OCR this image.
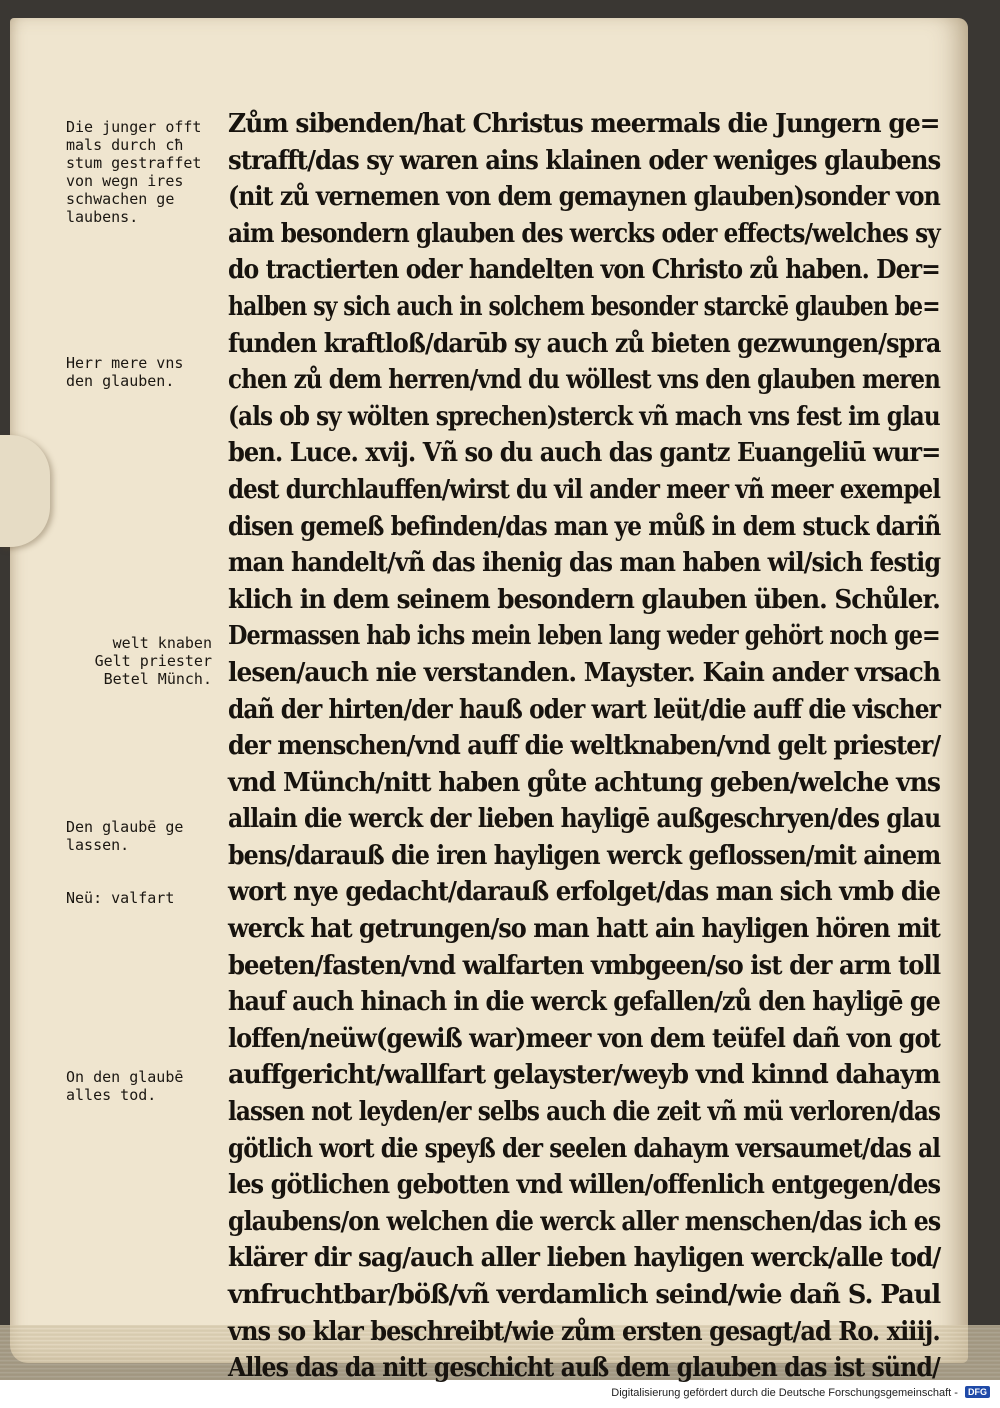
Die junger offt
mals durch cħ
stum gestraffet
von wegn ires
schwachen ge
laubens.
Herr mere vns
den glauben.
welt knaben
Gelt priester
Betel Münch.
Den glaubē ge
lassen.
Neü: valfart
On den glaubē
alles tod.
Zům sibenden/hat Christus meermals die Jungern ge=
strafft/das sy waren ains klainen oder weniges glaubens
(nit zů vernemen von dem gemaynen glauben)sonder von
aim besondern glauben des wercks oder effects/welches sy
do tractierten oder handelten von Christo zů haben. Der=
halben sy sich auch in solchem besonder starckē glauben be=
funden kraftloß/darūb sy auch zů bieten gezwungen/spra
chen zů dem herren/vnd du wöllest vns den glauben meren
(als ob sy wölten sprechen)sterck vñ mach vns fest im glau
ben. Luce. xvij. Vñ so du auch das gantz Euangeliū wur=
dest durchlauffen/wirst du vil ander meer vñ meer exempel
disen gemeß befinden/das man ye můß in dem stuck dariñ
man handelt/vñ das ihenig das man haben wil/sich festig
klich in dem seinem besondern glauben üben. Schůler.
Dermassen hab ichs mein leben lang weder gehört noch ge=
lesen/auch nie verstanden. Mayster. Kain ander vrsach
dañ der hirten/der hauß oder wart leüt/die auff die vischer
der menschen/vnd auff die weltknaben/vnd gelt priester/
vnd Münch/nitt haben gůte achtung geben/welche vns
allain die werck der lieben hayligē außgeschryen/des glau
bens/darauß die iren hayligen werck geflossen/mit ainem
wort nye gedacht/darauß erfolget/das man sich vmb die
werck hat getrungen/so man hatt ain hayligen hören mit
beeten/fasten/vnd walfarten vmbgeen/so ist der arm toll
hauf auch hinach in die werck gefallen/zů den hayligē ge
loffen/neüw(gewiß war)meer von dem teüfel dañ von got
auffgericht/wallfart gelayster/weyb vnd kinnd dahaym
lassen not leyden/er selbs auch die zeit vñ mü verloren/das
götlich wort die speyß der seelen dahaym versaumet/das al
les götlichen gebotten vnd willen/offenlich entgegen/des
glaubens/on welchen die werck aller menschen/das ich es
klärer dir sag/auch aller lieben hayligen werck/alle tod/
vnfruchtbar/böß/vñ verdamlich seind/wie dañ S. Paul
vns so klar beschreibt/wie zům ersten gesagt/ad Ro. xiiij.
Alles das da nitt geschicht auß dem glauben das ist sünd/
Digitalisierung gefördert durch die Deutsche Forschungsgemeinschaft - DFG
